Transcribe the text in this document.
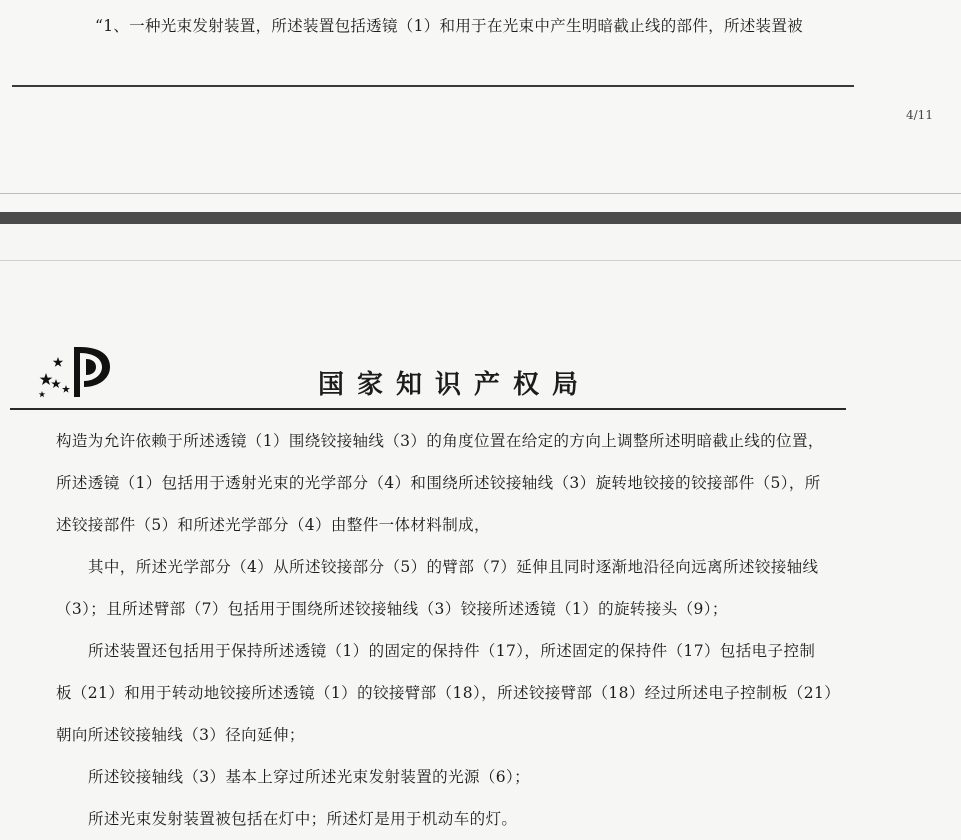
“1、一种光束发射装置，所述装置包括透镜（1）和用于在光束中产生明暗截止线的部件，所述装置被
4/11
国家知识产权局
构造为允许依赖于所述透镜（1）围绕铰接轴线（3）的角度位置在给定的方向上调整所述明暗截止线的位置，
所述透镜（1）包括用于透射光束的光学部分（4）和围绕所述铰接轴线（3）旋转地铰接的铰接部件（5），所
述铰接部件（5）和所述光学部分（4）由整件一体材料制成，
其中，所述光学部分（4）从所述铰接部分（5）的臂部（7）延伸且同时逐渐地沿径向远离所述铰接轴线
（3）；且所述臂部（7）包括用于围绕所述铰接轴线（3）铰接所述透镜（1）的旋转接头（9）；
所述装置还包括用于保持所述透镜（1）的固定的保持件（17），所述固定的保持件（17）包括电子控制
板（21）和用于转动地铰接所述透镜（1）的铰接臂部（18），所述铰接臂部（18）经过所述电子控制板（21）
朝向所述铰接轴线（3）径向延伸；
所述铰接轴线（3）基本上穿过所述光束发射装置的光源（6）；
所述光束发射装置被包括在灯中；所述灯是用于机动车的灯。
